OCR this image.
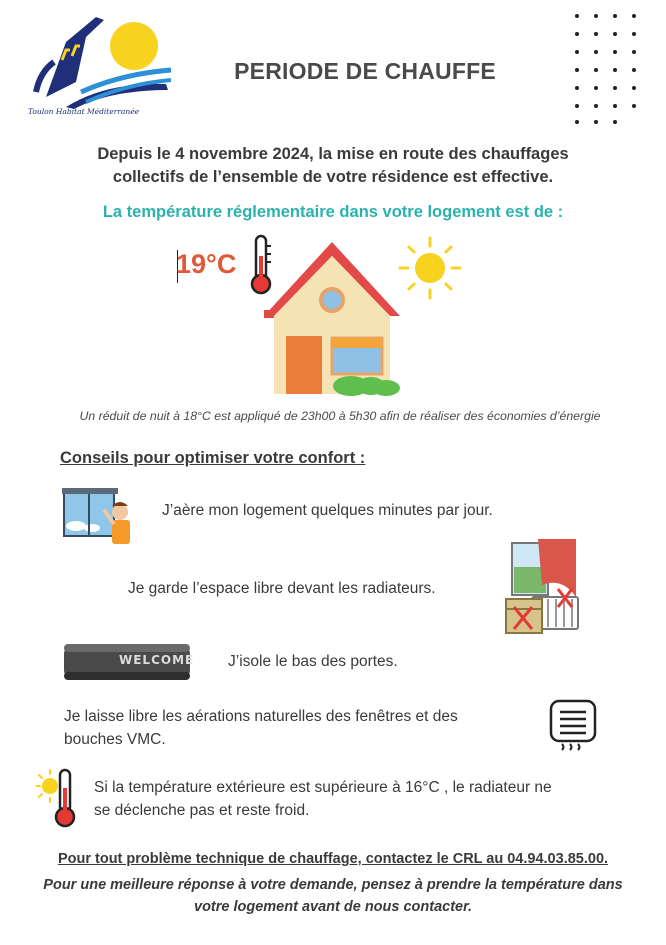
Toulon Habitat Méditerranée
PERIODE DE CHAUFFE
Depuis le 4 novembre 2024, la mise en route des chauffages
collectifs de l’ensemble de votre résidence est effective.
La température réglementaire dans votre logement est de :
19°C
Un réduit de nuit à 18°C est appliqué de 23h00 à 5h30 afin de réaliser des économies d’énergie
Conseils pour optimiser votre confort :
J’aère mon logement quelques minutes par jour.
Je garde l’espace libre devant les radiateurs.
WELCOME J’isole le bas des portes.
Je laisse libre les aérations naturelles des fenêtres et des
bouches VMC.
Si la température extérieure est supérieure à 16°C , le radiateur ne
se déclenche pas et reste froid.
Pour tout problème technique de chauffage, contactez le CRL au 04.94.03.85.00.
Pour une meilleure réponse à votre demande, pensez à prendre la température dans
votre logement avant de nous contacter.
